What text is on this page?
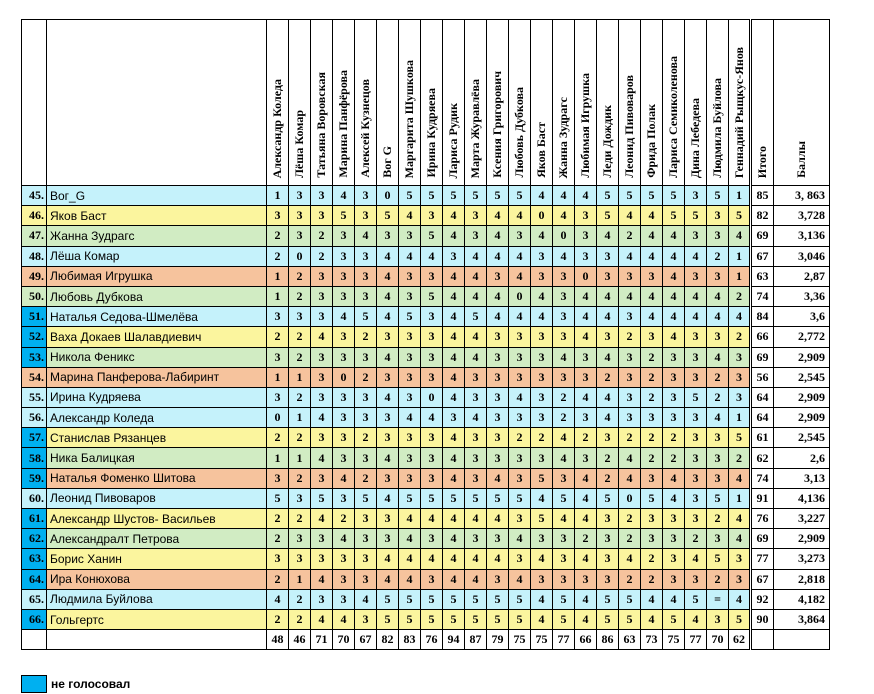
		Александр Коледа	Лёша Комар	Татьяна Воровская	Марина Панфёрова	Алексей Кузнецов	Вог G	Маргарита Шушкова	Ирина Кудряева	Лариса Рудик	Марта Журавлёва	Ксения Григорович	Любовь Дубкова	Яков Баст	Жанна Зудрагс	Любимая Игрушка	Леди Дождик	Леонид Пивоваров	Фрида Полак	Лариса Семиколенова	Дина Лебедева	Людмила Буйлова	Геннадий Рыщкус-Янов	Итого	Баллы
45.	Вог_G	1	3	3	4	3	0	5	5	5	5	5	5	4	4	4	5	5	5	5	3	5	1	85	3, 863
46.	Яков Баст	3	3	3	5	3	5	4	3	4	3	4	4	0	4	3	5	4	4	5	5	3	5	82	3,728
47.	Жанна Зудрагс	2	3	2	3	4	3	3	5	4	3	4	3	4	0	3	4	2	4	4	3	3	4	69	3,136
48.	Лёша Комар	2	0	2	3	3	4	4	4	3	4	4	4	3	4	3	3	4	4	4	4	2	1	67	3,046
49.	Любимая Игрушка	1	2	3	3	3	4	3	3	4	4	3	4	3	3	0	3	3	3	4	3	3	1	63	2,87
50.	Любовь Дубкова	1	2	3	3	3	4	3	5	4	4	4	0	4	3	4	4	4	4	4	4	4	2	74	3,36
51.	Наталья Седова-Шмелёва	3	3	3	4	5	4	5	3	4	5	4	4	4	3	4	4	3	4	4	4	4	4	84	3,6
52.	Ваха Докаев Шалавдиевич	2	2	4	3	2	3	3	3	4	4	3	3	3	3	4	3	2	3	4	3	3	2	66	2,772
53.	Никола Феникс	3	2	3	3	3	4	3	3	4	4	3	3	3	4	3	4	3	2	3	3	4	3	69	2,909
54.	Марина Панферова-Лабиринт	1	1	3	0	2	3	3	3	4	3	3	3	3	3	3	2	3	2	3	3	2	3	56	2,545
55.	Ирина Кудряева	3	2	3	3	3	4	3	0	4	3	3	4	3	2	4	4	3	2	3	5	2	3	64	2,909
56.	Александр Коледа	0	1	4	3	3	3	4	4	3	4	3	3	3	2	3	4	3	3	3	3	4	1	64	2,909
57.	Станислав Рязанцев	2	2	3	3	2	3	3	3	4	3	3	2	2	4	2	3	2	2	2	3	3	5	61	2,545
58.	Ника Балицкая	1	1	4	3	3	4	3	3	4	3	3	3	3	4	3	2	4	2	2	3	3	2	62	2,6
59.	Наталья Фоменко Шитова	3	2	3	4	2	3	3	3	4	3	4	3	5	3	4	2	4	3	4	3	3	4	74	3,13
60.	Леонид Пивоваров	5	3	5	3	5	4	5	5	5	5	5	5	4	5	4	5	0	5	4	3	5	1	91	4,136
61.	Александр Шустов- Васильев	2	2	4	2	3	3	4	4	4	4	4	3	5	4	4	3	2	3	3	3	2	4	76	3,227
62.	Александралт Петрова	2	3	3	4	3	3	4	3	4	3	3	4	3	3	2	3	2	3	3	2	3	4	69	2,909
63.	Борис Ханин	3	3	3	3	3	4	4	4	4	4	4	3	4	3	4	3	4	2	3	4	5	3	77	3,273
64.	Ира Конюхова	2	1	4	3	3	4	4	3	4	4	3	4	3	3	3	3	2	2	3	3	2	3	67	2,818
65.	Людмила Буйлова	4	2	3	3	4	5	5	5	5	5	5	5	4	5	4	5	5	4	4	5	=	4	92	4,182
66.	Гольгертс	2	2	4	4	3	5	5	5	5	5	5	5	4	5	4	5	5	4	5	4	3	5	90	3,864
		48	46	71	70	67	82	83	76	94	87	79	75	75	77	66	86	63	73	75	77	70	62		
не голосовал
